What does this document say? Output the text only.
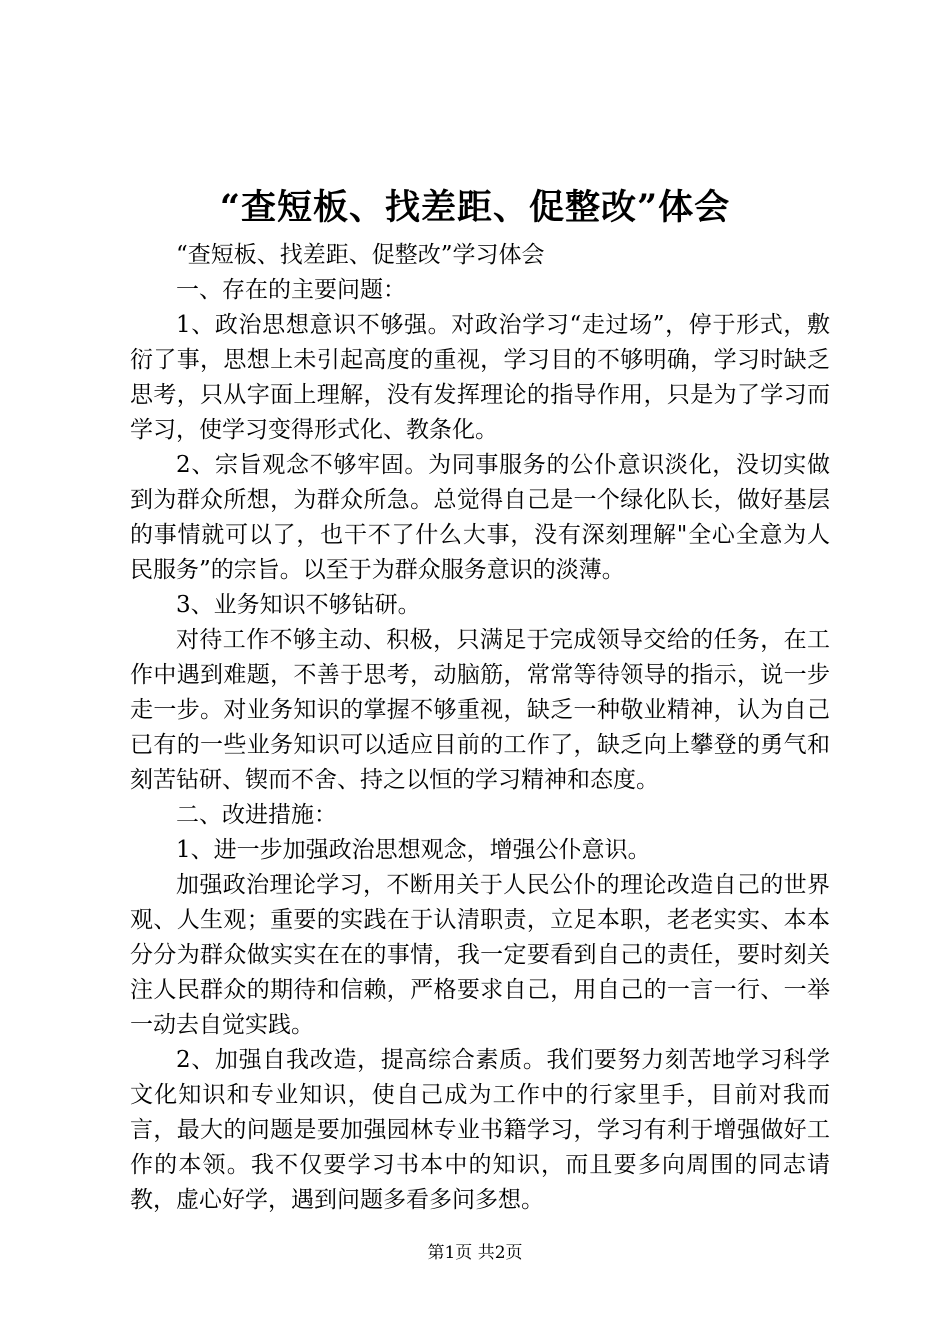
“查短板、找差距、促整改”体会

“查短板、找差距、促整改”学习体会

一、存在的主要问题：

1、政治思想意识不够强。对政治学习“走过场”，停于形式，敷衍了事，思想上未引起高度的重视，学习目的不够明确，学习时缺乏思考，只从字面上理解，没有发挥理论的指导作用，只是为了学习而学习，使学习变得形式化、教条化。

2、宗旨观念不够牢固。为同事服务的公仆意识淡化，没切实做到为群众所想，为群众所急。总觉得自己是一个绿化队长，做好基层的事情就可以了，也干不了什么大事，没有深刻理解"全心全意为人民服务”的宗旨。以至于为群众服务意识的淡薄。

3、业务知识不够钻研。

对待工作不够主动、积极，只满足于完成领导交给的任务，在工作中遇到难题，不善于思考，动脑筋，常常等待领导的指示，说一步走一步。对业务知识的掌握不够重视，缺乏一种敬业精神，认为自己已有的一些业务知识可以适应目前的工作了，缺乏向上攀登的勇气和刻苦钻研、锲而不舍、持之以恒的学习精神和态度。

二、改进措施：

1、进一步加强政治思想观念，增强公仆意识。

加强政治理论学习，不断用关于人民公仆的理论改造自己的世界观、人生观；重要的实践在于认清职责，立足本职，老老实实、本本分分为群众做实实在在的事情，我一定要看到自己的责任，要时刻关注人民群众的期待和信赖，严格要求自己，用自己的一言一行、一举一动去自觉实践。

2、加强自我改造，提高综合素质。我们要努力刻苦地学习科学文化知识和专业知识，使自己成为工作中的行家里手，目前对我而言，最大的问题是要加强园林专业书籍学习，学习有利于增强做好工作的本领。我不仅要学习书本中的知识，而且要多向周围的同志请教，虚心好学，遇到问题多看多问多想。

第1页 共2页
